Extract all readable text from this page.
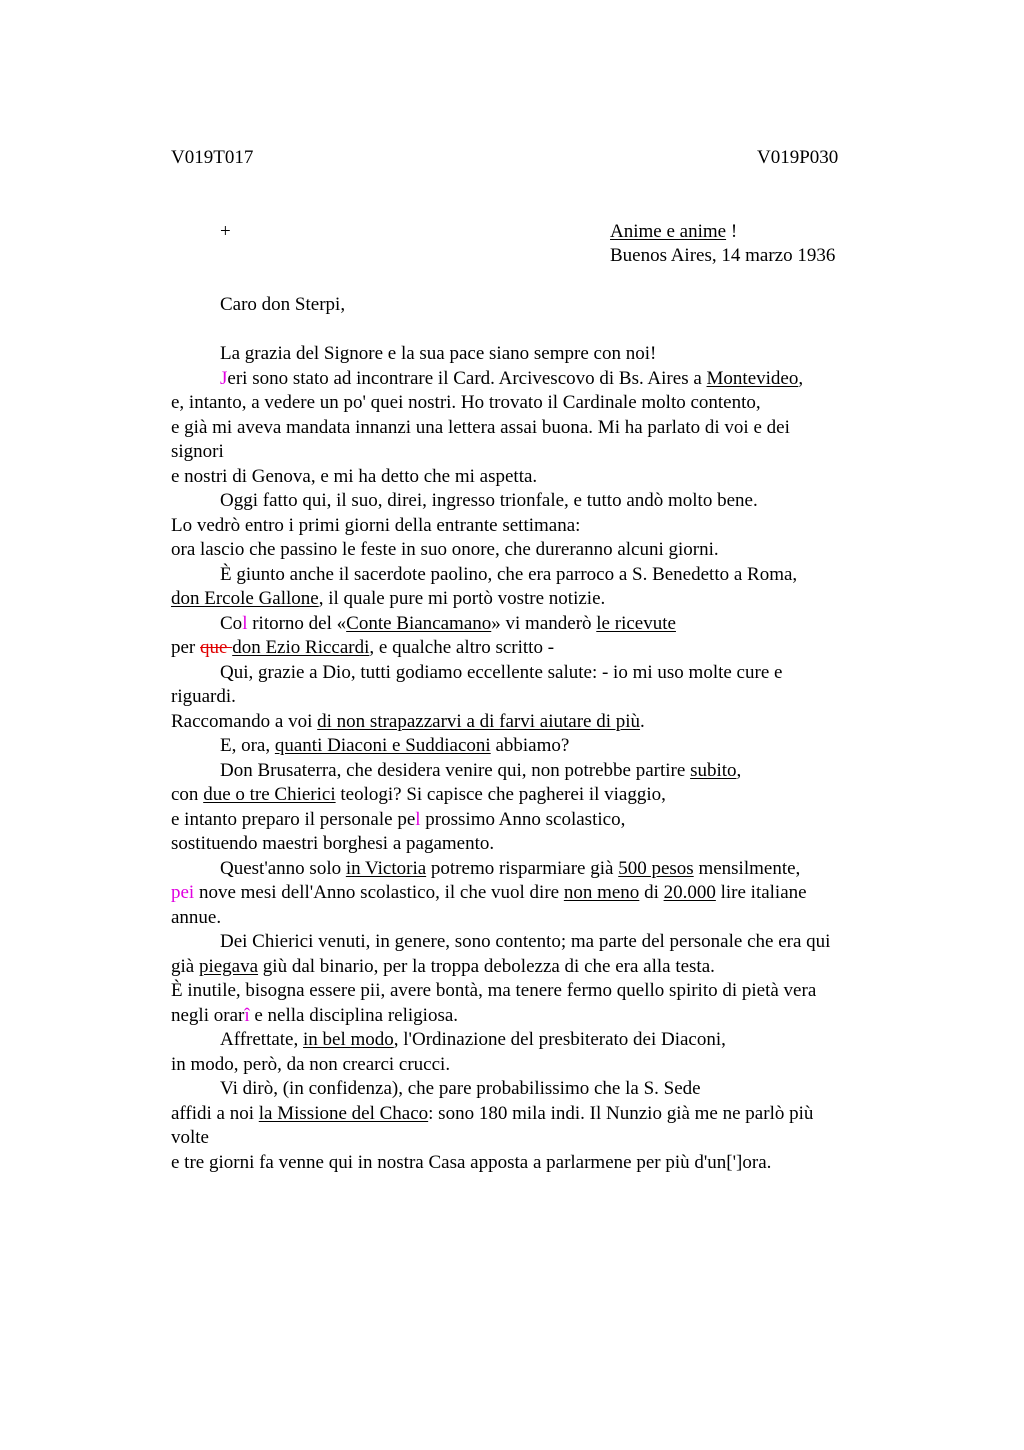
V019T017	V019P030
+	Anime e anime !
Buenos Aires, 14 marzo 1936
Caro don Sterpi,
La grazia del Signore e la sua pace siano sempre con noi!
Jeri sono stato ad incontrare il Card. Arcivescovo di Bs. Aires a Montevideo,
e, intanto, a vedere un po' quei nostri. Ho trovato il Cardinale molto contento,
e già mi aveva mandata innanzi una lettera assai buona. Mi ha parlato di voi e dei
signori
e nostri di Genova, e mi ha detto che mi aspetta.
Oggi fatto qui, il suo, direi, ingresso trionfale, e tutto andò molto bene.
Lo vedrò entro i primi giorni della entrante settimana:
ora lascio che passino le feste in suo onore, che dureranno alcuni giorni.
È giunto anche il sacerdote paolino, che era parroco a S. Benedetto a Roma,
don Ercole Gallone, il quale pure mi portò vostre notizie.
Col ritorno del «Conte Biancamano» vi manderò le ricevute
per que don Ezio Riccardi, e qualche altro scritto -
Qui, grazie a Dio, tutti godiamo eccellente salute: - io mi uso molte cure e
riguardi.
Raccomando a voi di non strapazzarvi a di farvi aiutare di più.
E, ora, quanti Diaconi e Suddiaconi abbiamo?
Don Brusaterra, che desidera venire qui, non potrebbe partire subito,
con due o tre Chierici teologi? Si capisce che pagherei il viaggio,
e intanto preparo il personale pel prossimo Anno scolastico,
sostituendo maestri borghesi a pagamento.
Quest'anno solo in Victoria potremo risparmiare già 500 pesos mensilmente,
pei nove mesi dell'Anno scolastico, il che vuol dire non meno di 20.000 lire italiane
annue.
Dei Chierici venuti, in genere, sono contento; ma parte del personale che era qui
già piegava giù dal binario, per la troppa debolezza di che era alla testa.
È inutile, bisogna essere pii, avere bontà, ma tenere fermo quello spirito di pietà vera
negli orarî e nella disciplina religiosa.
Affrettate, in bel modo, l'Ordinazione del presbiterato dei Diaconi,
in modo, però, da non crearci crucci.
Vi dirò, (in confidenza), che pare probabilissimo che la S. Sede
affidi a noi la Missione del Chaco: sono 180 mila indi. Il Nunzio già me ne parlò più
volte
e tre giorni fa venne qui in nostra Casa apposta a parlarmene per più d'un[']ora.
